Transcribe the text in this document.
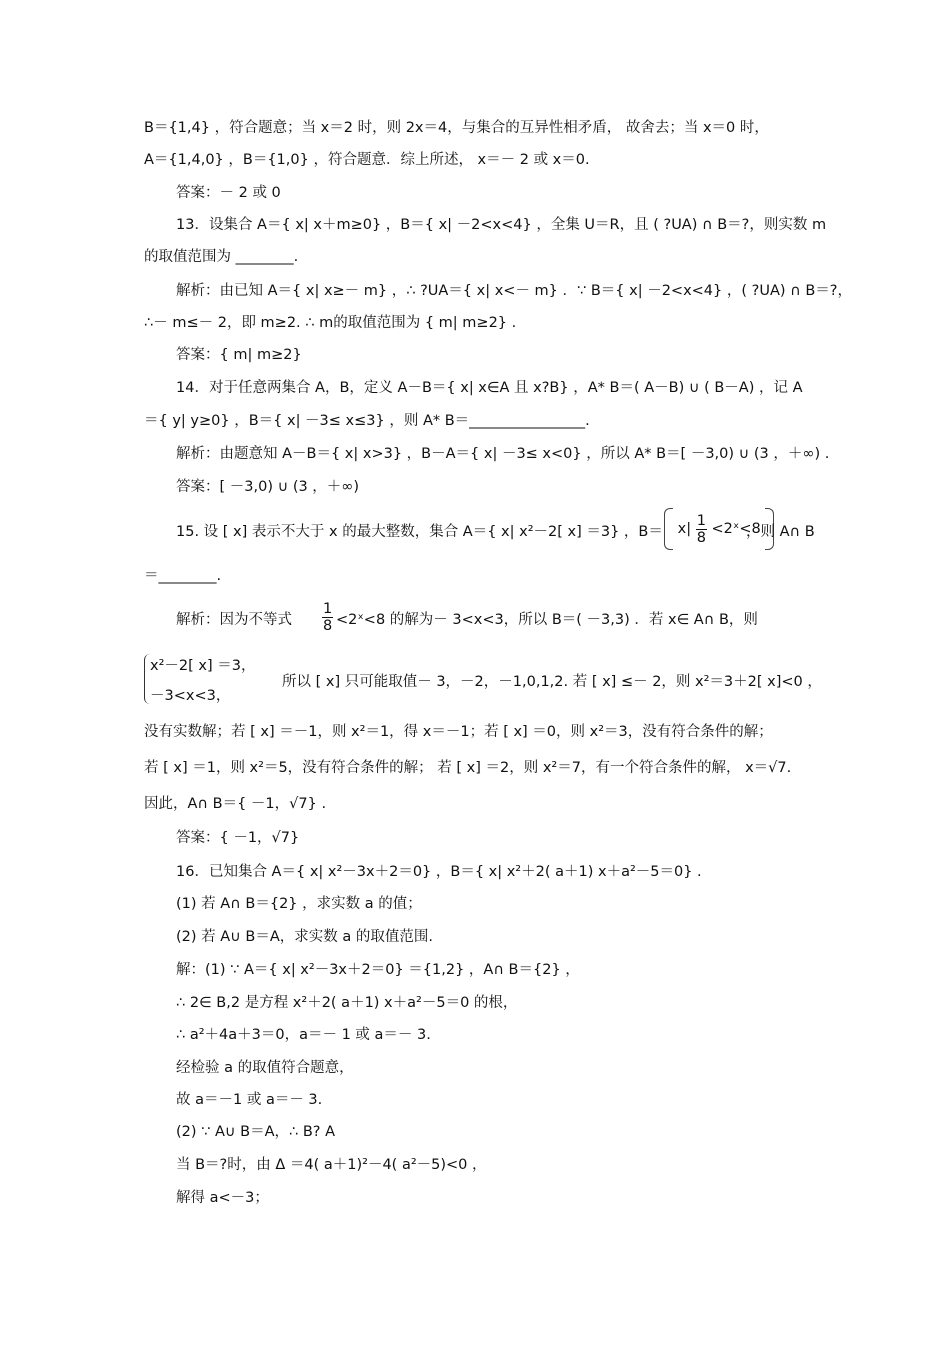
B＝{1,4} ，符合题意；当 x＝2 时，则 2x＝4，与集合的互异性相矛盾， 故舍去；当 x＝0 时，
A＝{1,4,0} ，B＝{1,0} ，符合题意．综上所述， x＝－ 2 或 x＝0.
答案：－ 2 或 0
13．设集合 A＝{ x| x＋m≥0} ，B＝{ x| －2<x<4} ，全集 U＝R，且 ( ?UA) ∩ B＝?，则实数 m
的取值范围为 ________.
解析：由已知 A＝{ x| x≥－ m} ，∴ ?UA＝{ x| x<－ m} ．∵ B＝{ x| －2<x<4} ，( ?UA) ∩ B＝?，
∴－ m≤－ 2，即 m≥2. ∴ m的取值范围为 { m| m≥2} .
答案：{ m| m≥2}
14．对于任意两集合 A，B，定义 A－B＝{ x| x∈A 且 x?B} ，A* B＝( A－B) ∪ ( B－A) ，记 A
＝{ y| y≥0} ，B＝{ x| －3≤ x≤3} ，则 A* B＝________________.
解析：由题意知 A－B＝{ x| x>3} ，B－A＝{ x| －3≤ x<0} ，所以 A* B＝[ －3,0) ∪ (3 ，＋∞) .
答案：[ －3,0) ∪ (3 ，＋∞)
15. 设 [ x] 表示不大于 x 的最大整数，集合 A＝{ x| x²－2[ x] ＝3} ，B＝	$x| \frac{1}{8}$ <2ˣ<8
，则 A∩ B
＝________.
解析：因为不等式 $\frac{1}{8}$ <2ˣ<8 的解为－ 3<x<3，所以 B＝( －3,3) ．若 x∈ A∩ B，则
x²－2[ x] ＝3，
－3<x<3，
所以 [ x] 只可能取值－ 3，－2，－1,0,1,2. 若 [ x] ≤－ 2，则 x²＝3＋2[ x]<0 ，
没有实数解；若 [ x] ＝－1，则 x²＝1，得 x＝－1；若 [ x] ＝0，则 x²＝3，没有符合条件的解；
若 [ x] ＝1，则 x²＝5，没有符合条件的解； 若 [ x] ＝2，则 x²＝7，有一个符合条件的解， x＝√7.
因此，A∩ B＝{ －1，√7} .
答案：{ －1，√7}
16．已知集合 A＝{ x| x²－3x＋2＝0} ，B＝{ x| x²＋2( a＋1) x＋a²－5＝0} .
(1) 若 A∩ B＝{2} ，求实数 a 的值；
(2) 若 A∪ B＝A，求实数 a 的取值范围.
解：(1) ∵ A＝{ x| x²－3x＋2＝0} ＝{1,2} ，A∩ B＝{2} ，
∴ 2∈ B,2 是方程 x²＋2( a＋1) x＋a²－5＝0 的根，
∴ a²＋4a＋3＝0，a＝－ 1 或 a＝－ 3.
经检验 a 的取值符合题意，
故 a＝－1 或 a＝－ 3.
(2) ∵ A∪ B＝A，∴ B? A
当 B＝?时，由 Δ ＝4( a＋1)²－4( a²－5)<0 ，
解得 a<－3；
